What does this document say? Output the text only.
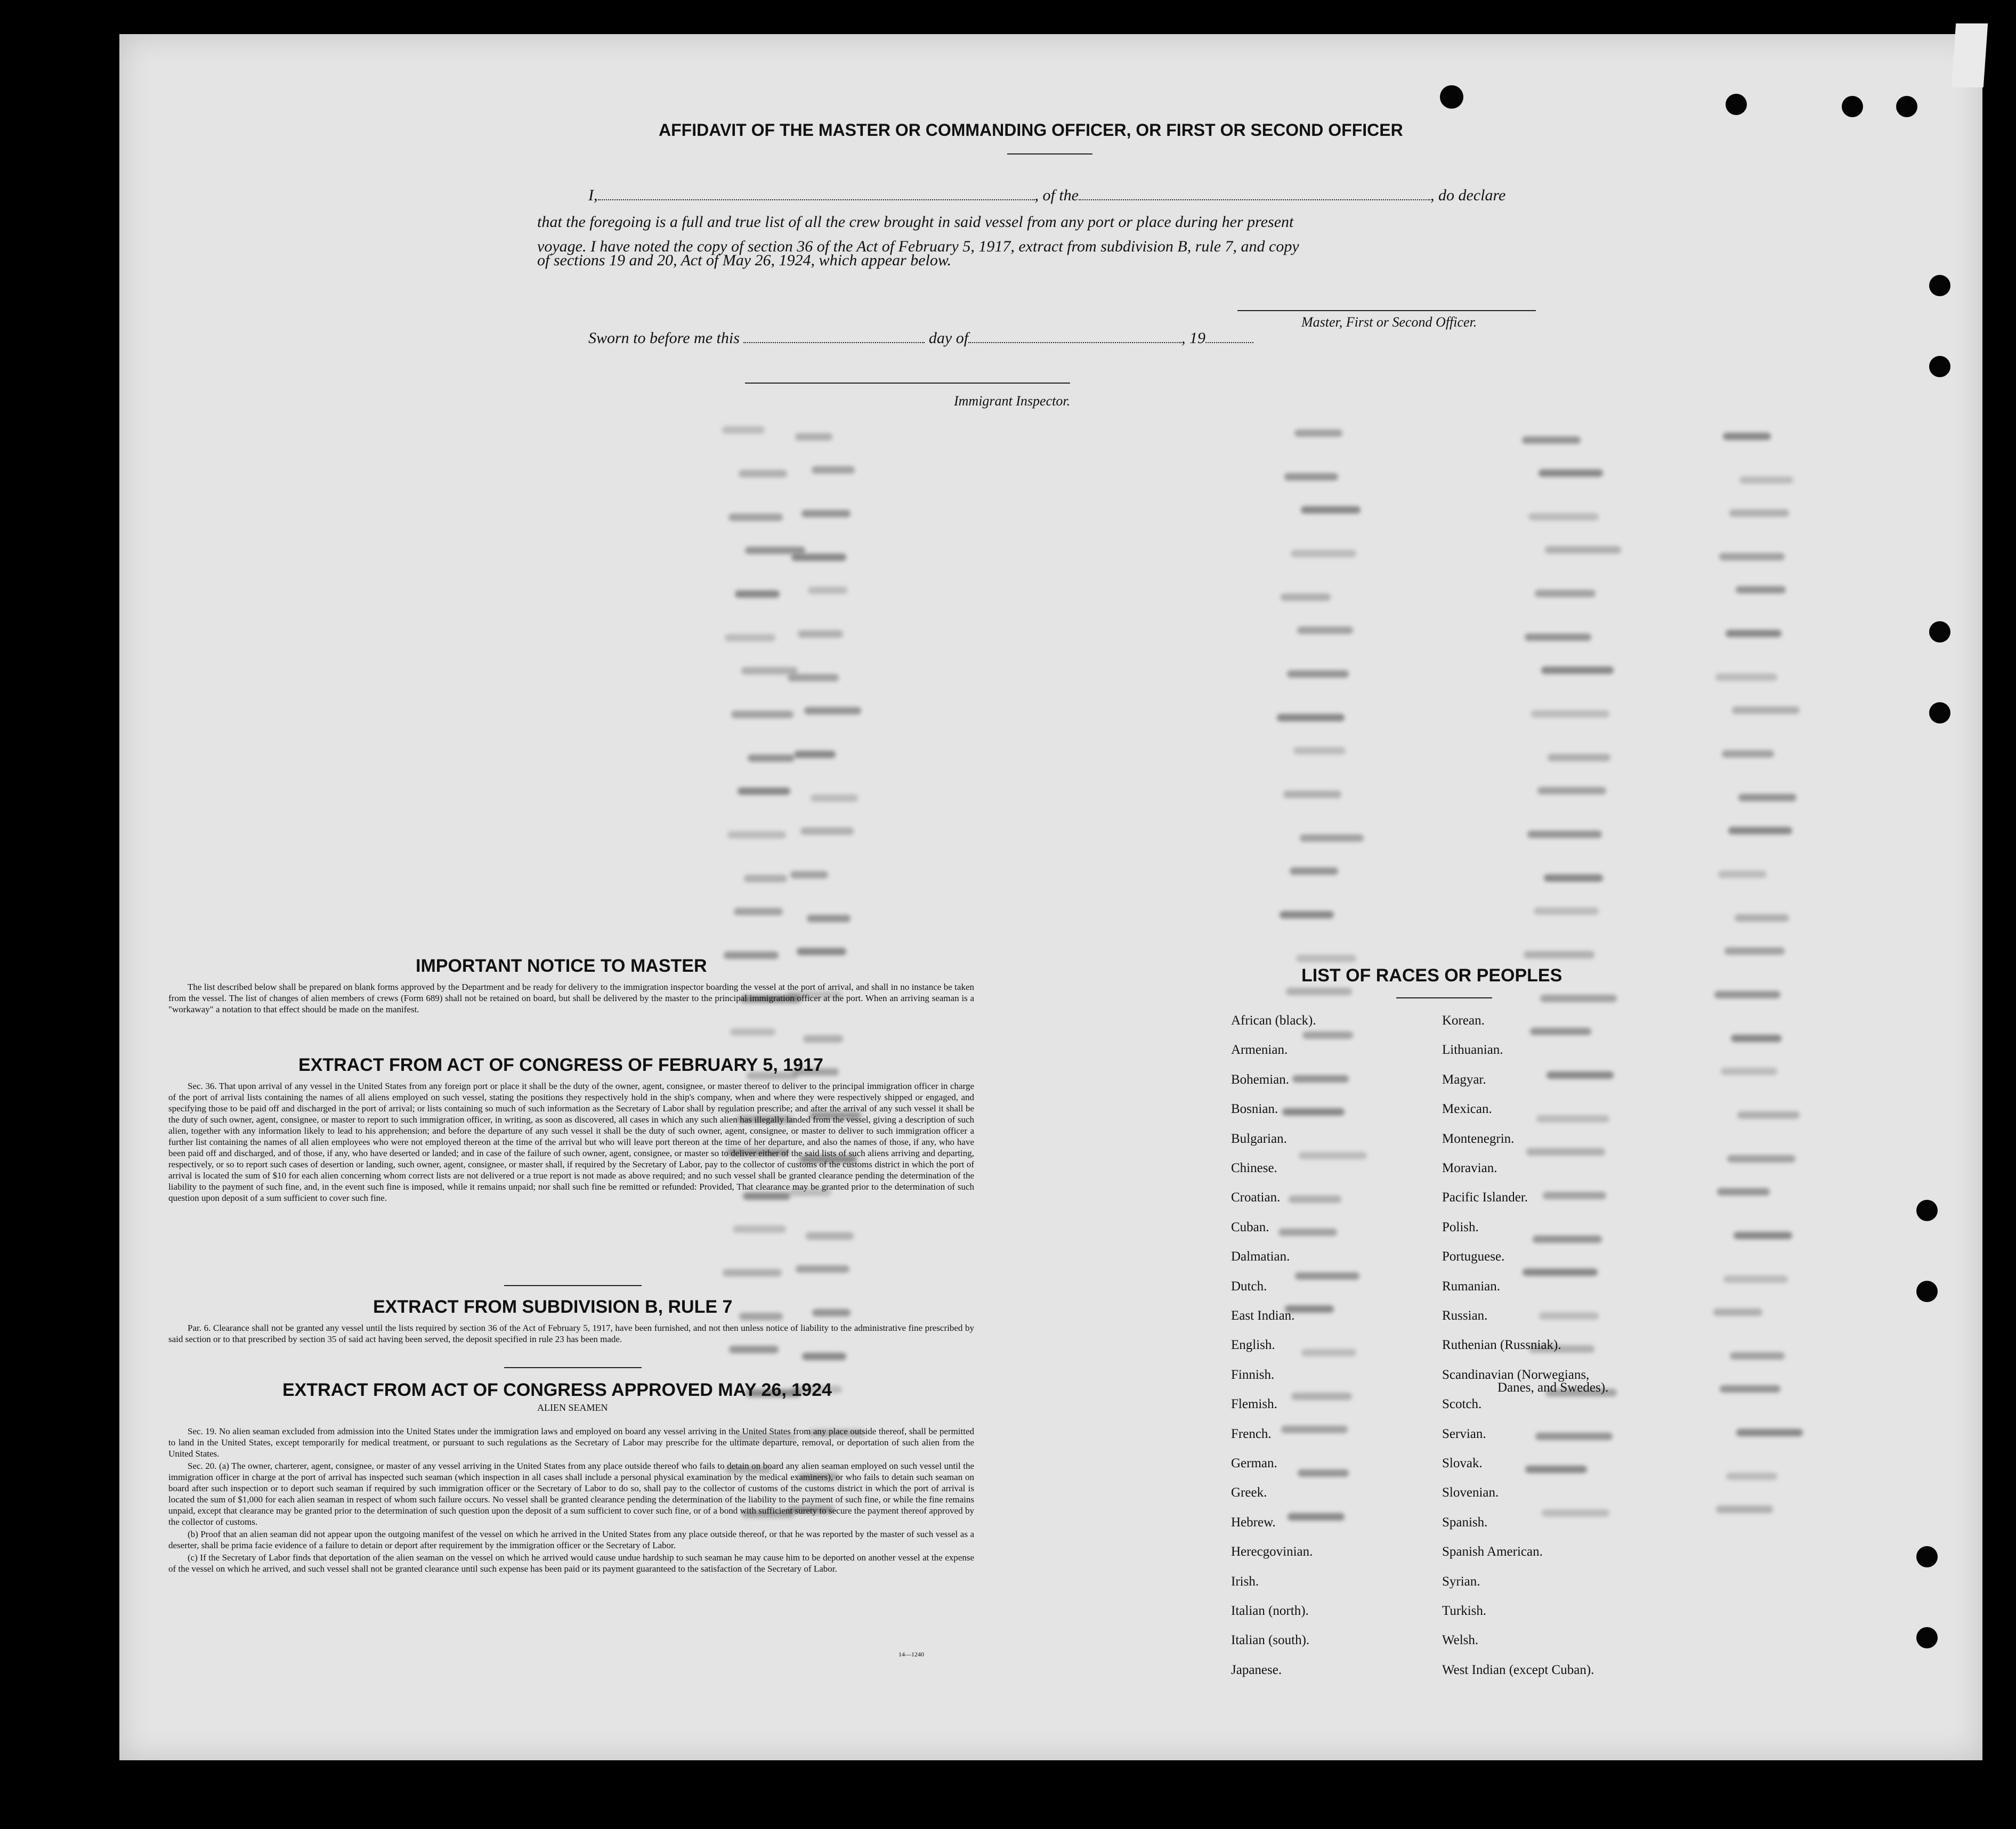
AFFIDAVIT OF THE MASTER OR COMMANDING OFFICER, OR FIRST OR SECOND OFFICER
I,	, of the	, do declare
that the foregoing is a full and true list of all the crew brought in said vessel from any port or place during her present
voyage. I have noted the copy of section 36 of the Act of February 5, 1917, extract from subdivision B, rule 7, and copy
of sections 19 and 20, Act of May 26, 1924, which appear below.
Master, First or Second Officer.
Sworn to before me this	day of	, 19
Immigrant Inspector.
IMPORTANT NOTICE TO MASTER

The list described below shall be prepared on blank forms approved by the Department and be ready for delivery to the immigration inspector boarding the vessel at the port of arrival, and shall in no instance be taken from the vessel. The list of changes of alien members of crews (Form 689) shall not be retained on board, but shall be delivered by the master to the principal immigration officer at the port. When an arriving seaman is a "workaway" a notation to that effect should be made on the manifest.

EXTRACT FROM ACT OF CONGRESS OF FEBRUARY 5, 1917

Sec. 36. That upon arrival of any vessel in the United States from any foreign port or place it shall be the duty of the owner, agent, consignee, or master thereof to deliver to the principal immigration officer in charge of the port of arrival lists containing the names of all aliens employed on such vessel, stating the positions they respectively hold in the ship's company, when and where they were respectively shipped or engaged, and specifying those to be paid off and discharged in the port of arrival; or lists containing so much of such information as the Secretary of Labor shall by regulation prescribe; and after the arrival of any such vessel it shall be the duty of such owner, agent, consignee, or master to report to such immigration officer, in writing, as soon as discovered, all cases in which any such alien has illegally landed from the vessel, giving a description of such alien, together with any information likely to lead to his apprehension; and before the departure of any such vessel it shall be the duty of such owner, agent, consignee, or master to deliver to such immigration officer a further list containing the names of all alien employees who were not employed thereon at the time of the arrival but who will leave port thereon at the time of her departure, and also the names of those, if any, who have been paid off and discharged, and of those, if any, who have deserted or landed; and in case of the failure of such owner, agent, consignee, or master so to deliver either of the said lists of such aliens arriving and departing, respectively, or so to report such cases of desertion or landing, such owner, agent, consignee, or master shall, if required by the Secretary of Labor, pay to the collector of customs of the customs district in which the port of arrival is located the sum of $10 for each alien concerning whom correct lists are not delivered or a true report is not made as above required; and no such vessel shall be granted clearance pending the determination of the liability to the payment of such fine, and, in the event such fine is imposed, while it remains unpaid; nor shall such fine be remitted or refunded: Provided, That clearance may be granted prior to the determination of such question upon deposit of a sum sufficient to cover such fine.

EXTRACT FROM SUBDIVISION B, RULE 7

Par. 6. Clearance shall not be granted any vessel until the lists required by section 36 of the Act of February 5, 1917, have been furnished, and not then unless notice of liability to the administrative fine prescribed by said section or to that prescribed by section 35 of said act having been served, the deposit specified in rule 23 has been made.

EXTRACT FROM ACT OF CONGRESS APPROVED MAY 26, 1924
ALIEN SEAMEN

Sec. 19. No alien seaman excluded from admission into the United States under the immigration laws and employed on board any vessel arriving in the United States from any place outside thereof, shall be permitted to land in the United States, except temporarily for medical treatment, or pursuant to such regulations as the Secretary of Labor may prescribe for the ultimate departure, removal, or deportation of such alien from the United States.

Sec. 20. (a) The owner, charterer, agent, consignee, or master of any vessel arriving in the United States from any place outside thereof who fails to detain on board any alien seaman employed on such vessel until the immigration officer in charge at the port of arrival has inspected such seaman (which inspection in all cases shall include a personal physical examination by the medical examiners), or who fails to detain such seaman on board after such inspection or to deport such seaman if required by such immigration officer or the Secretary of Labor to do so, shall pay to the collector of customs of the customs district in which the port of arrival is located the sum of $1,000 for each alien seaman in respect of whom such failure occurs. No vessel shall be granted clearance pending the determination of the liability to the payment of such fine, or while the fine remains unpaid, except that clearance may be granted prior to the determination of such question upon the deposit of a sum sufficient to cover such fine, or of a bond with sufficient surety to secure the payment thereof approved by the collector of customs.

(b) Proof that an alien seaman did not appear upon the outgoing manifest of the vessel on which he arrived in the United States from any place outside thereof, or that he was reported by the master of such vessel as a deserter, shall be prima facie evidence of a failure to detain or deport after requirement by the immigration officer or the Secretary of Labor.

(c) If the Secretary of Labor finds that deportation of the alien seaman on the vessel on which he arrived would cause undue hardship to such seaman he may cause him to be deported on another vessel at the expense of the vessel on which he arrived, and such vessel shall not be granted clearance until such expense has been paid or its payment guaranteed to the satisfaction of the Secretary of Labor.

14—1240
LIST OF RACES OR PEOPLES
African (black).
Armenian.
Bohemian.
Bosnian.
Bulgarian.
Chinese.
Croatian.
Cuban.
Dalmatian.
Dutch.
East Indian.
English.
Finnish.
Flemish.
French.
German.
Greek.
Hebrew.
Herecgovinian.
Irish.
Italian (north).
Italian (south).
Japanese.
Korean.
Lithuanian.
Magyar.
Mexican.
Montenegrin.
Moravian.
Pacific Islander.
Polish.
Portuguese.
Rumanian.
Russian.
Ruthenian (Russniak).
Scandinavian (Norwegians,
Scotch.
Servian.
Slovak.
Slovenian.
Spanish.
Spanish American.
Syrian.
Turkish.
Welsh.
West Indian (except Cuban).
Danes, and Swedes).
